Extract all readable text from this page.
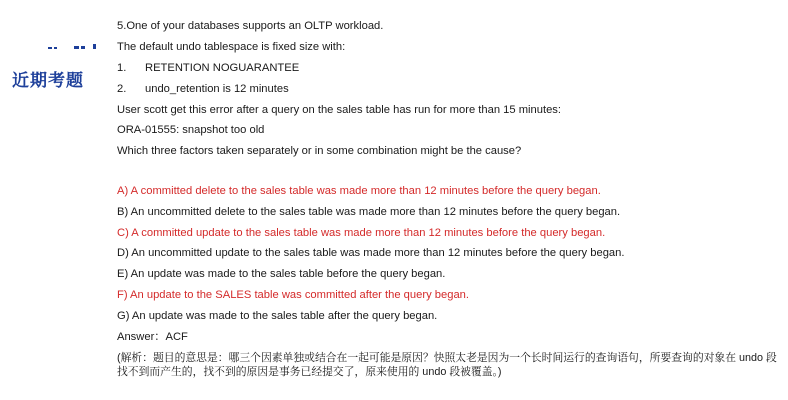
近期考题
5.One of your databases supports an OLTP workload.
The default undo tablespace is fixed size with:
1.	RETENTION NOGUARANTEE
2.	undo_retention is 12 minutes
User scott get this error after a query on the sales table has run for more than 15 minutes:
ORA-01555: snapshot too old
Which three factors taken separately or in some combination might be the cause?
A) A committed delete to the sales table was made more than 12 minutes before the query began.
B) An uncommitted delete to the sales table was made more than 12 minutes before the query began.
C) A committed update to the sales table was made more than 12 minutes before the query began.
D) An uncommitted update to the sales table was made more than 12 minutes before the query began.
E) An update was made to the sales table before the query began.
F) An update to the SALES table was committed after the query began.
G) An update was made to the sales table after the query began.
Answer：ACF
(解析：题目的意思是：哪三个因素单独或结合在一起可能是原因？快照太老是因为一个长时间运行的查询语句，所要查询的对象在 undo 段找不到而产生的，找不到的原因是事务已经提交了，原来使用的 undo 段被覆盖。)
